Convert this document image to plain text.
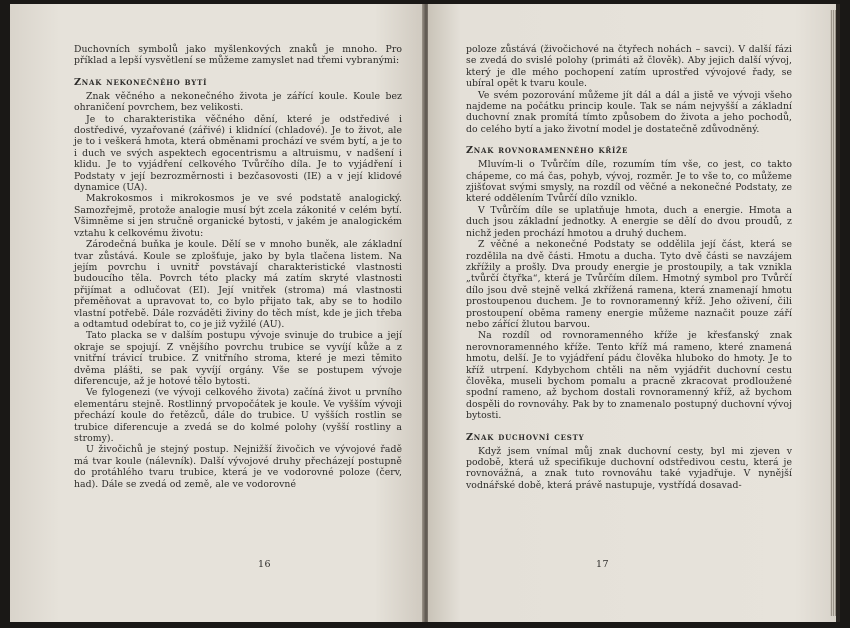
Duchovních symbolů jako myšlenkových znaků je mnoho. Pro příklad a lepší vysvětlení se můžeme zamyslet nad třemi vybranými:

Znak nekonečného bytí

Znak věčného a nekonečného života je zářící koule. Koule bez ohraničení povrchem, bez velikosti.

Je to charakteristika věčného dění, které je odstředivé i dostředivé, vyzařované (zářivé) i klidnící (chladové). Je to život, ale je to i veškerá hmota, která obměnami prochází ve svém bytí, a je to i duch ve svých aspektech egocentrismu a altruismu, v nadšení i klidu. Je to vyjádření celkového Tvůrčího díla. Je to vyjádření i Podstaty v její bezrozměrnosti i bezčasovosti (IE) a v její klidové dynamice (UA).

Makrokosmos i mikrokosmos je ve své podstatě analogický. Samozřejmě, protože analogie musí být zcela zákonité v celém bytí. Všimněme si jen stručně organické bytosti, v jakém je analogickém vztahu k celkovému životu:

Zárodečná buňka je koule. Dělí se v mnoho buněk, ale základní tvar zůstává. Koule se zplošťuje, jako by byla tlačena listem. Na jejím povrchu i uvnitř povstávají charakteristické vlastnosti budoucího těla. Povrch této placky má zatím skryté vlastnosti přijímat a odlučovat (EI). Její vnitřek (stroma) má vlastnosti přeměňovat a upravovat to, co bylo přijato tak, aby se to hodilo vlastní potřebě. Dále rozváděti živiny do těch míst, kde je jich třeba a odtamtud odebírat to, co je již vyžilé (AU).

Tato placka se v dalším postupu vývoje svinuje do trubice a její okraje se spojují. Z vnějšího povrchu trubice se vyvíjí kůže a z vnitřní trávicí trubice. Z vnitřního stroma, které je mezi těmito dvěma plášti, se pak vyvíjí orgány. Vše se postupem vývoje diferencuje, až je hotové tělo bytosti.

Ve fylogenezi (ve vývoji celkového života) začíná život u prvního elementáru stejně. Rostlinný prvopočátek je koule. Ve vyšším vývoji přechází koule do řetězců, dále do trubice. U vyšších rostlin se trubice diferencuje a zvedá se do kolmé polohy (vyšší rostliny a stromy).

U živočichů je stejný postup. Nejnižší živočich ve vývojové řadě má tvar koule (nálevník). Další vývojové druhy přecházejí postupně do protáhlého tvaru trubice, která je ve vodorovné poloze (červ, had). Dále se zvedá od země, ale ve vodorovné

16

poloze zůstává (živočichové na čtyřech nohách – savci). V další fázi se zvedá do svislé polohy (primáti až člověk). Aby jejich další vývoj, který je dle mého pochopení zatím uprostřed vývojové řady, se ubíral opět k tvaru koule.

Ve svém pozorování můžeme jít dál a dál a jistě ve vývoji všeho najdeme na počátku princip koule. Tak se nám nejvyšší a základní duchovní znak promítá tímto způsobem do života a jeho pochodů, do celého bytí a jako životní model je dostatečně zdůvodněný.

Znak rovnoramenného kříže

Mluvím-li o Tvůrčím díle, rozumím tím vše, co jest, co takto chápeme, co má čas, pohyb, vývoj, rozměr. Je to vše to, co můžeme zjišťovat svými smysly, na rozdíl od věčné a nekonečné Podstaty, ze které oddělením Tvůrčí dílo vzniklo.

V Tvůrčím díle se uplatňuje hmota, duch a energie. Hmota a duch jsou základní jednotky. A energie se dělí do dvou proudů, z nichž jeden prochází hmotou a druhý duchem.

Z věčné a nekonečné Podstaty se oddělila její část, která se rozdělila na dvě části. Hmotu a ducha. Tyto dvě části se navzájem zkřížily a prošly. Dva proudy energie je prostoupily, a tak vznikla „tvůrčí čtyřka“, která je Tvůrčím dílem. Hmotný symbol pro Tvůrčí dílo jsou dvě stejně velká zkřížená ramena, která znamenají hmotu prostoupenou duchem. Je to rovnoramenný kříž. Jeho oživení, čili prostoupení oběma rameny energie můžeme naznačit pouze září nebo zářící žlutou barvou.

Na rozdíl od rovnoramenného kříže je křesťanský znak nerovnoramenného kříže. Tento kříž má rameno, které znamená hmotu, delší. Je to vyjádření pádu člověka hluboko do hmoty. Je to kříž utrpení. Kdybychom chtěli na něm vyjádřit duchovní cestu člověka, museli bychom pomalu a pracně zkracovat prodloužené spodní rameno, až bychom dostali rovnoramenný kříž, až bychom dospěli do rovnováhy. Pak by to znamenalo postupný duchovní vývoj bytosti.

Znak duchovní cesty

Když jsem vnímal můj znak duchovní cesty, byl mi zjeven v podobě, která už specifikuje duchovní odstředivou cestu, která je rovnovážná, a znak tuto rovnováhu také vyjadřuje. V nynější vodnářské době, která právě nastupuje, vystřídá dosavad-

17
